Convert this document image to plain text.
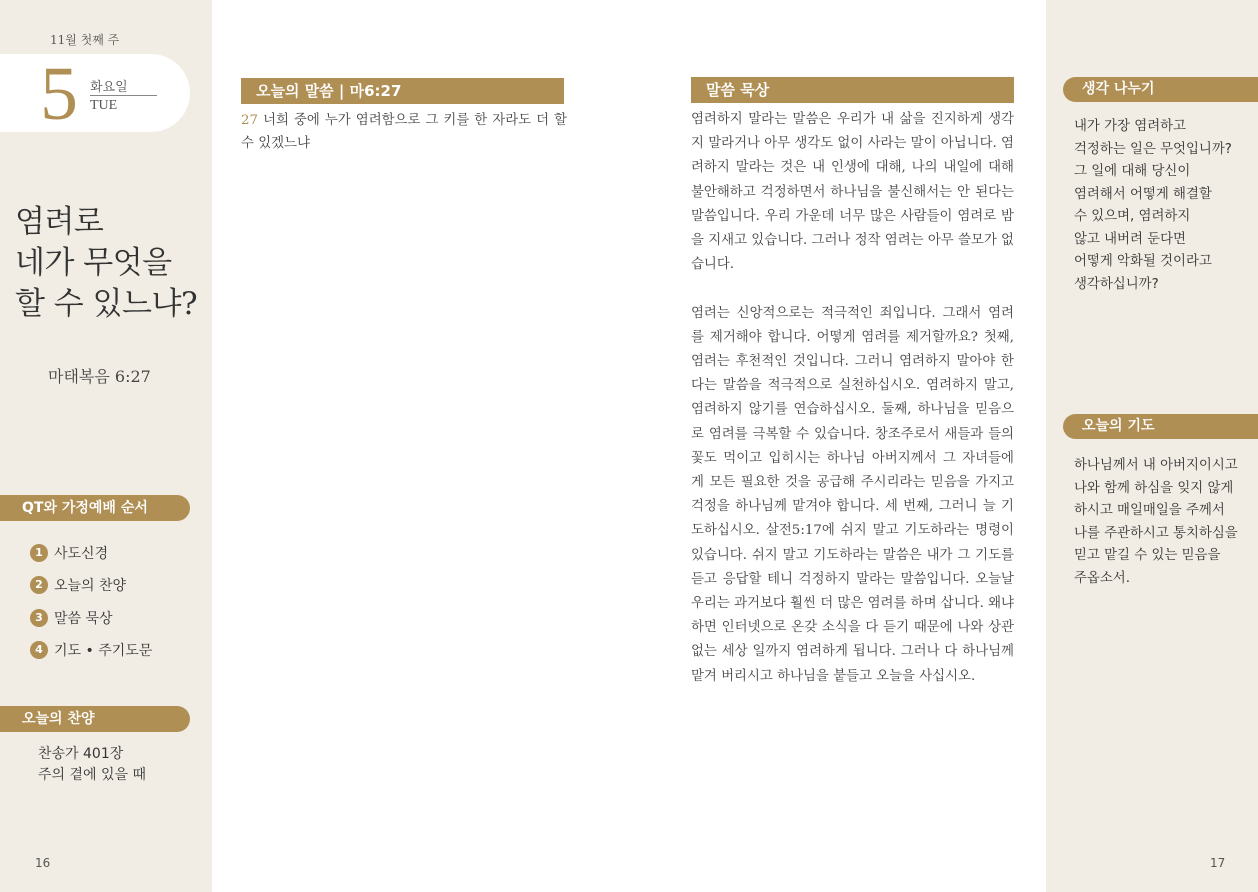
11월 첫째 주
5 화요일
TUE
염려로
네가 무엇을
할 수 있느냐?
마태복음 6:27
QT와 가정예배 순서
1 사도신경
2 오늘의 찬양
3 말씀 묵상
4 기도 • 주기도문
오늘의 찬양
찬송가 401장
주의 곁에 있을 때
16
오늘의 말씀 | 마6:27
27 너희 중에 누가 염려함으로 그 키를 한 자라도 더 할 수 있겠느냐
말씀 묵상

염려하지 말라는 말씀은 우리가 내 삶을 진지하게 생각지 말라거나 아무 생각도 없이 사라는 말이 아닙니다. 염려하지 말라는 것은 내 인생에 대해, 나의 내일에 대해 불안해하고 걱정하면서 하나님을 불신해서는 안 된다는 말씀입니다. 우리 가운데 너무 많은 사람들이 염려로 밤을 지새고 있습니다. 그러나 정작 염려는 아무 쓸모가 없습니다.

염려는 신앙적으로는 적극적인 죄입니다. 그래서 염려를 제거해야 합니다. 어떻게 염려를 제거할까요? 첫째, 염려는 후천적인 것입니다. 그러니 염려하지 말아야 한다는 말씀을 적극적으로 실천하십시오. 염려하지 말고, 염려하지 않기를 연습하십시오. 둘째, 하나님을 믿음으로 염려를 극복할 수 있습니다. 창조주로서 새들과 들의 꽃도 먹이고 입히시는 하나님 아버지께서 그 자녀들에게 모든 필요한 것을 공급해 주시리라는 믿음을 가지고 걱정을 하나님께 맡겨야 합니다. 세 번째, 그러니 늘 기도하십시오. 살전5:17에 쉬지 말고 기도하라는 명령이 있습니다. 쉬지 말고 기도하라는 말씀은 내가 그 기도를 듣고 응답할 테니 걱정하지 말라는 말씀입니다. 오늘날 우리는 과거보다 훨씬 더 많은 염려를 하며 삽니다. 왜냐하면 인터넷으로 온갖 소식을 다 듣기 때문에 나와 상관없는 세상 일까지 염려하게 됩니다. 그러나 다 하나님께 맡겨 버리시고 하나님을 붙들고 오늘을 사십시오.

생각 나누기
내가 가장 염려하고
걱정하는 일은 무엇입니까?
그 일에 대해 당신이
염려해서 어떻게 해결할
수 있으며, 염려하지
않고 내버려 둔다면
어떻게 악화될 것이라고
생각하십니까?
오늘의 기도
하나님께서 내 아버지이시고
나와 함께 하심을 잊지 않게
하시고 매일매일을 주께서
나를 주관하시고 통치하심을
믿고 맡길 수 있는 믿음을
주옵소서.
17
